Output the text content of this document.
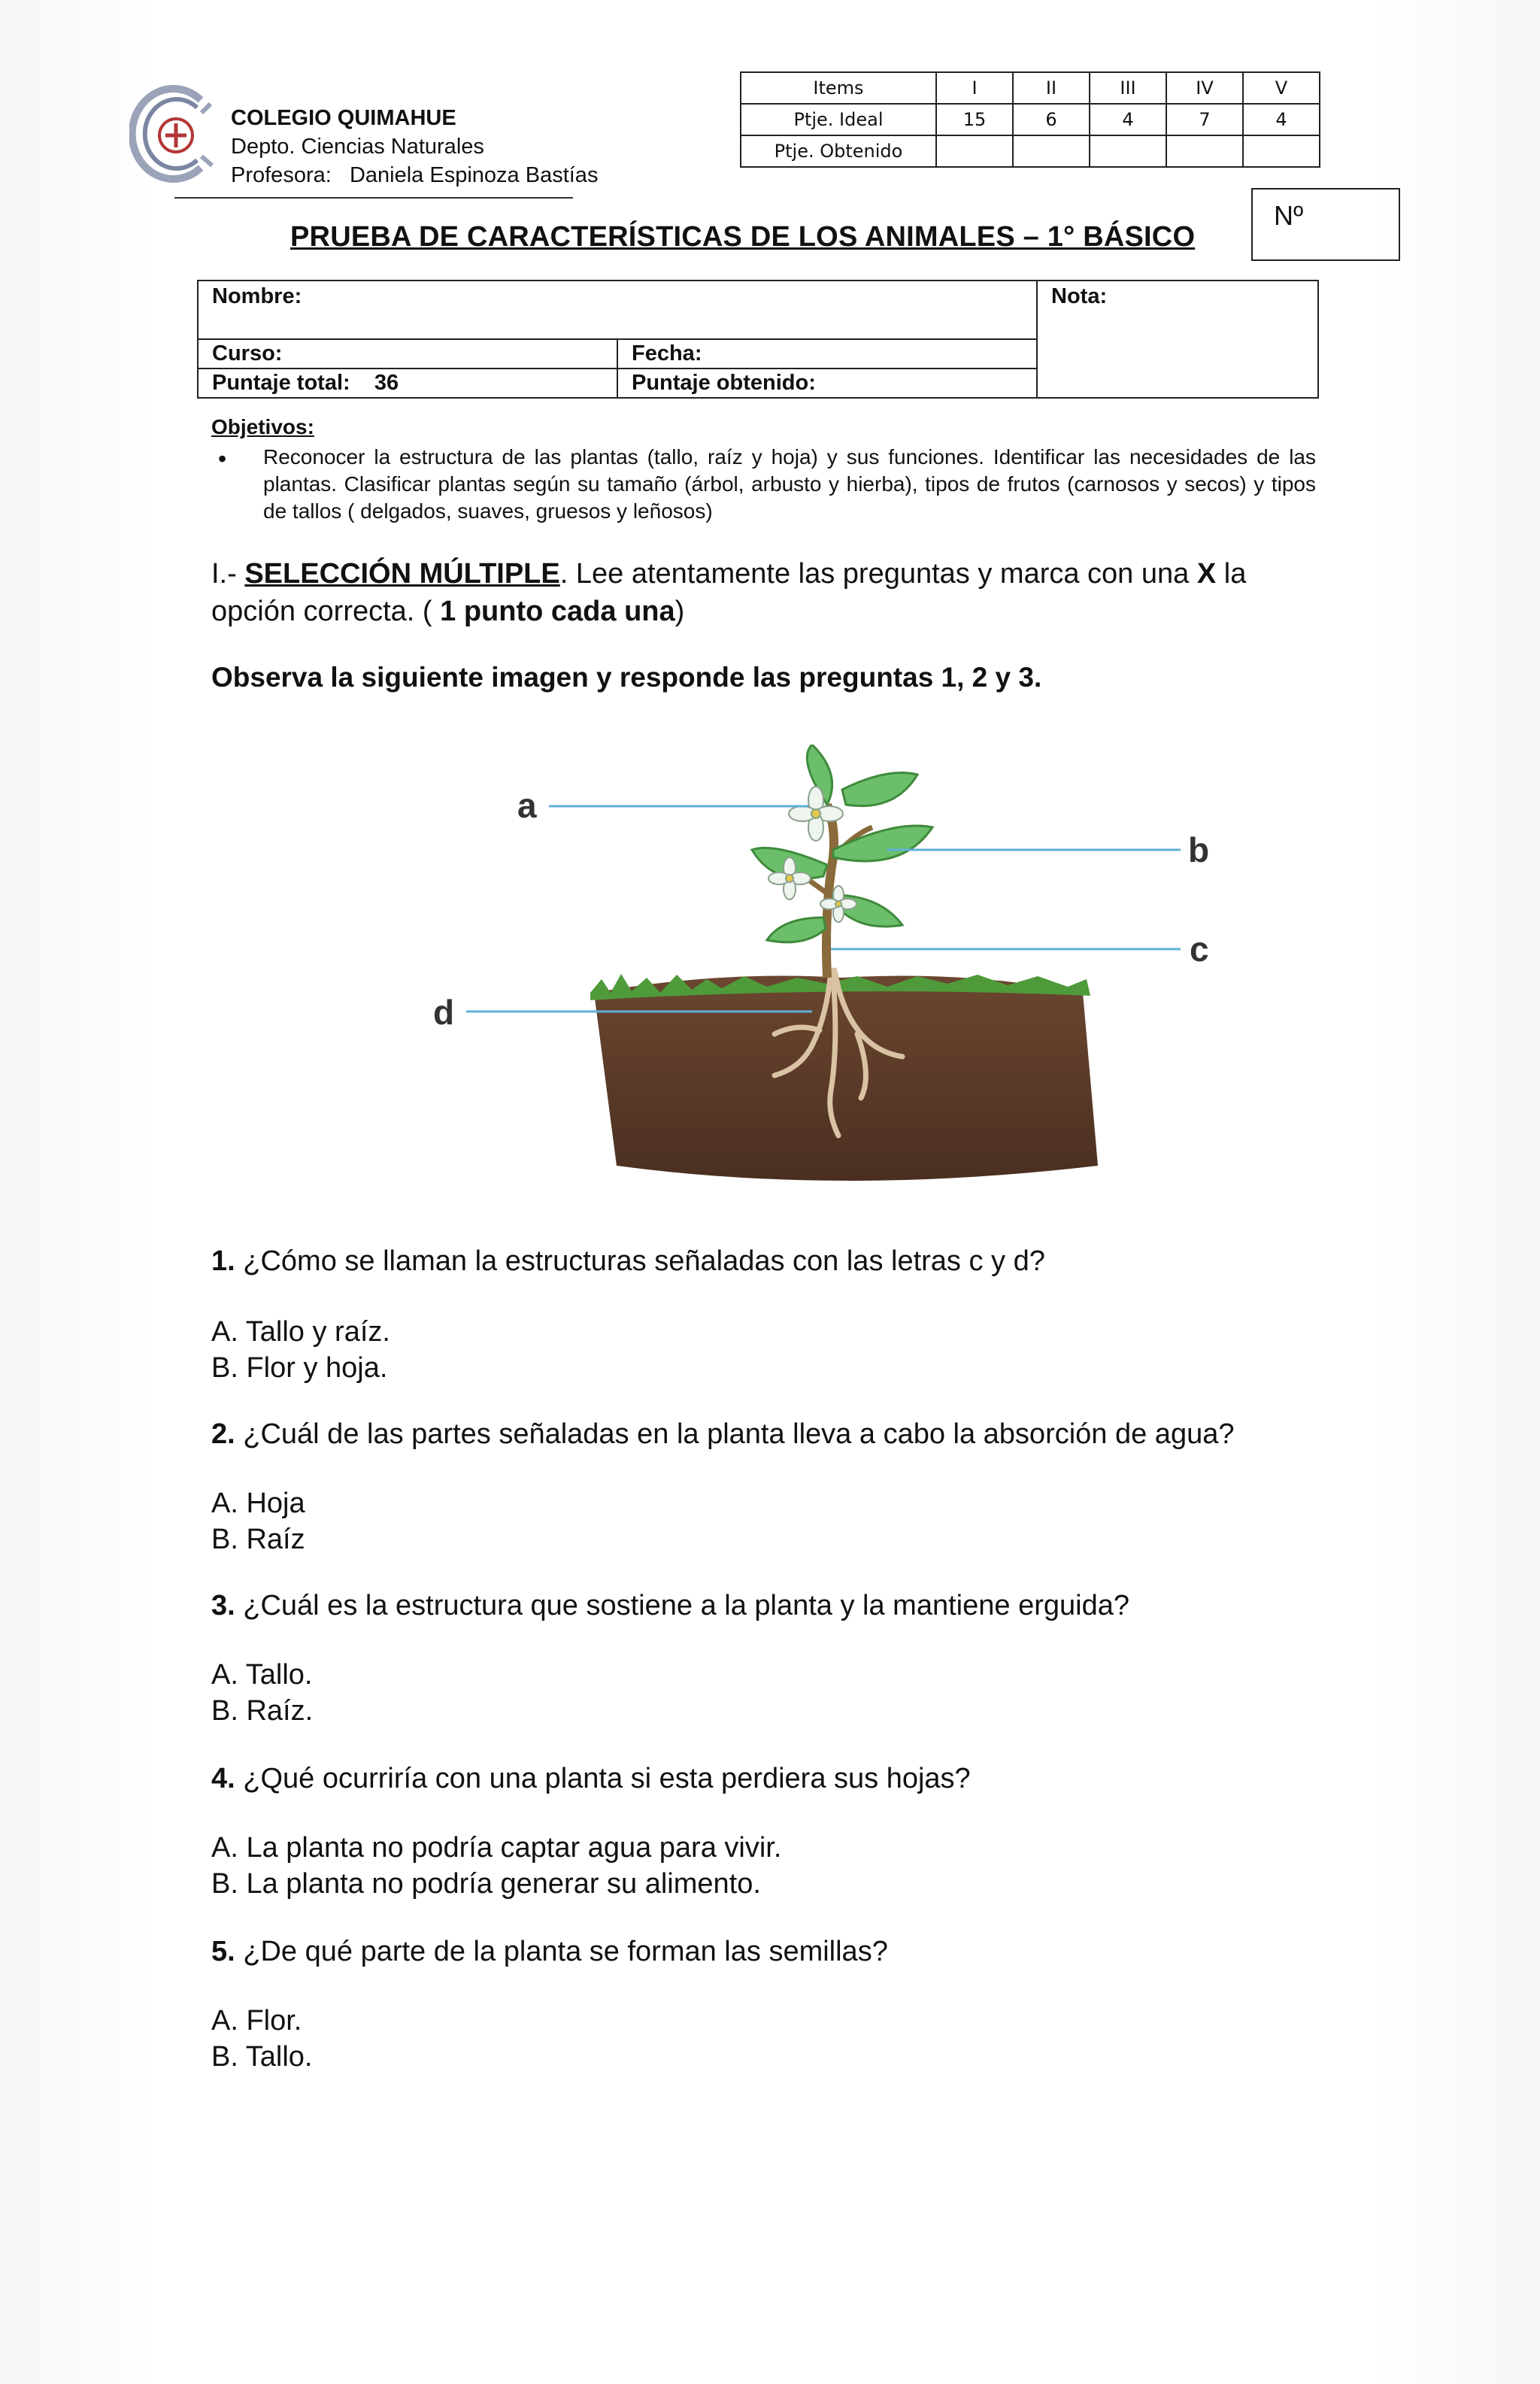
COLEGIO QUIMAHUE
Depto. Ciencias Naturales
Profesora: Daniela Espinoza Bastías
Items	I	II	III	IV	V
Ptje. Ideal	15	6	4	7	4
Ptje. Obtenido					
Nº
PRUEBA DE CARACTERÍSTICAS DE LOS ANIMALES – 1° BÁSICO
Nombre:		Nota:
Curso:	Fecha:	
Puntaje total: 36	Puntaje obtenido:	
Objetivos:
• Reconocer la estructura de las plantas (tallo, raíz y hoja) y sus funciones. Identificar las necesidades de las plantas. Clasificar plantas según su tamaño (árbol, arbusto y hierba), tipos de frutos (carnosos y secos) y tipos de tallos ( delgados, suaves, gruesos y leñosos)
I.- SELECCIÓN MÚLTIPLE. Lee atentamente las preguntas y marca con una X la opción correcta. ( 1 punto cada una)
Observa la siguiente imagen y responde las preguntas 1, 2 y 3.
a
b
c
d
1. ¿Cómo se llaman la estructuras señaladas con las letras c y d?
A. Tallo y raíz.
B. Flor y hoja.
2. ¿Cuál de las partes señaladas en la planta lleva a cabo la absorción de agua?
A. Hoja
B. Raíz
3. ¿Cuál es la estructura que sostiene a la planta y la mantiene erguida?
A. Tallo.
B. Raíz.
4. ¿Qué ocurriría con una planta si esta perdiera sus hojas?
A. La planta no podría captar agua para vivir.
B. La planta no podría generar su alimento.
5. ¿De qué parte de la planta se forman las semillas?
A. Flor.
B. Tallo.
